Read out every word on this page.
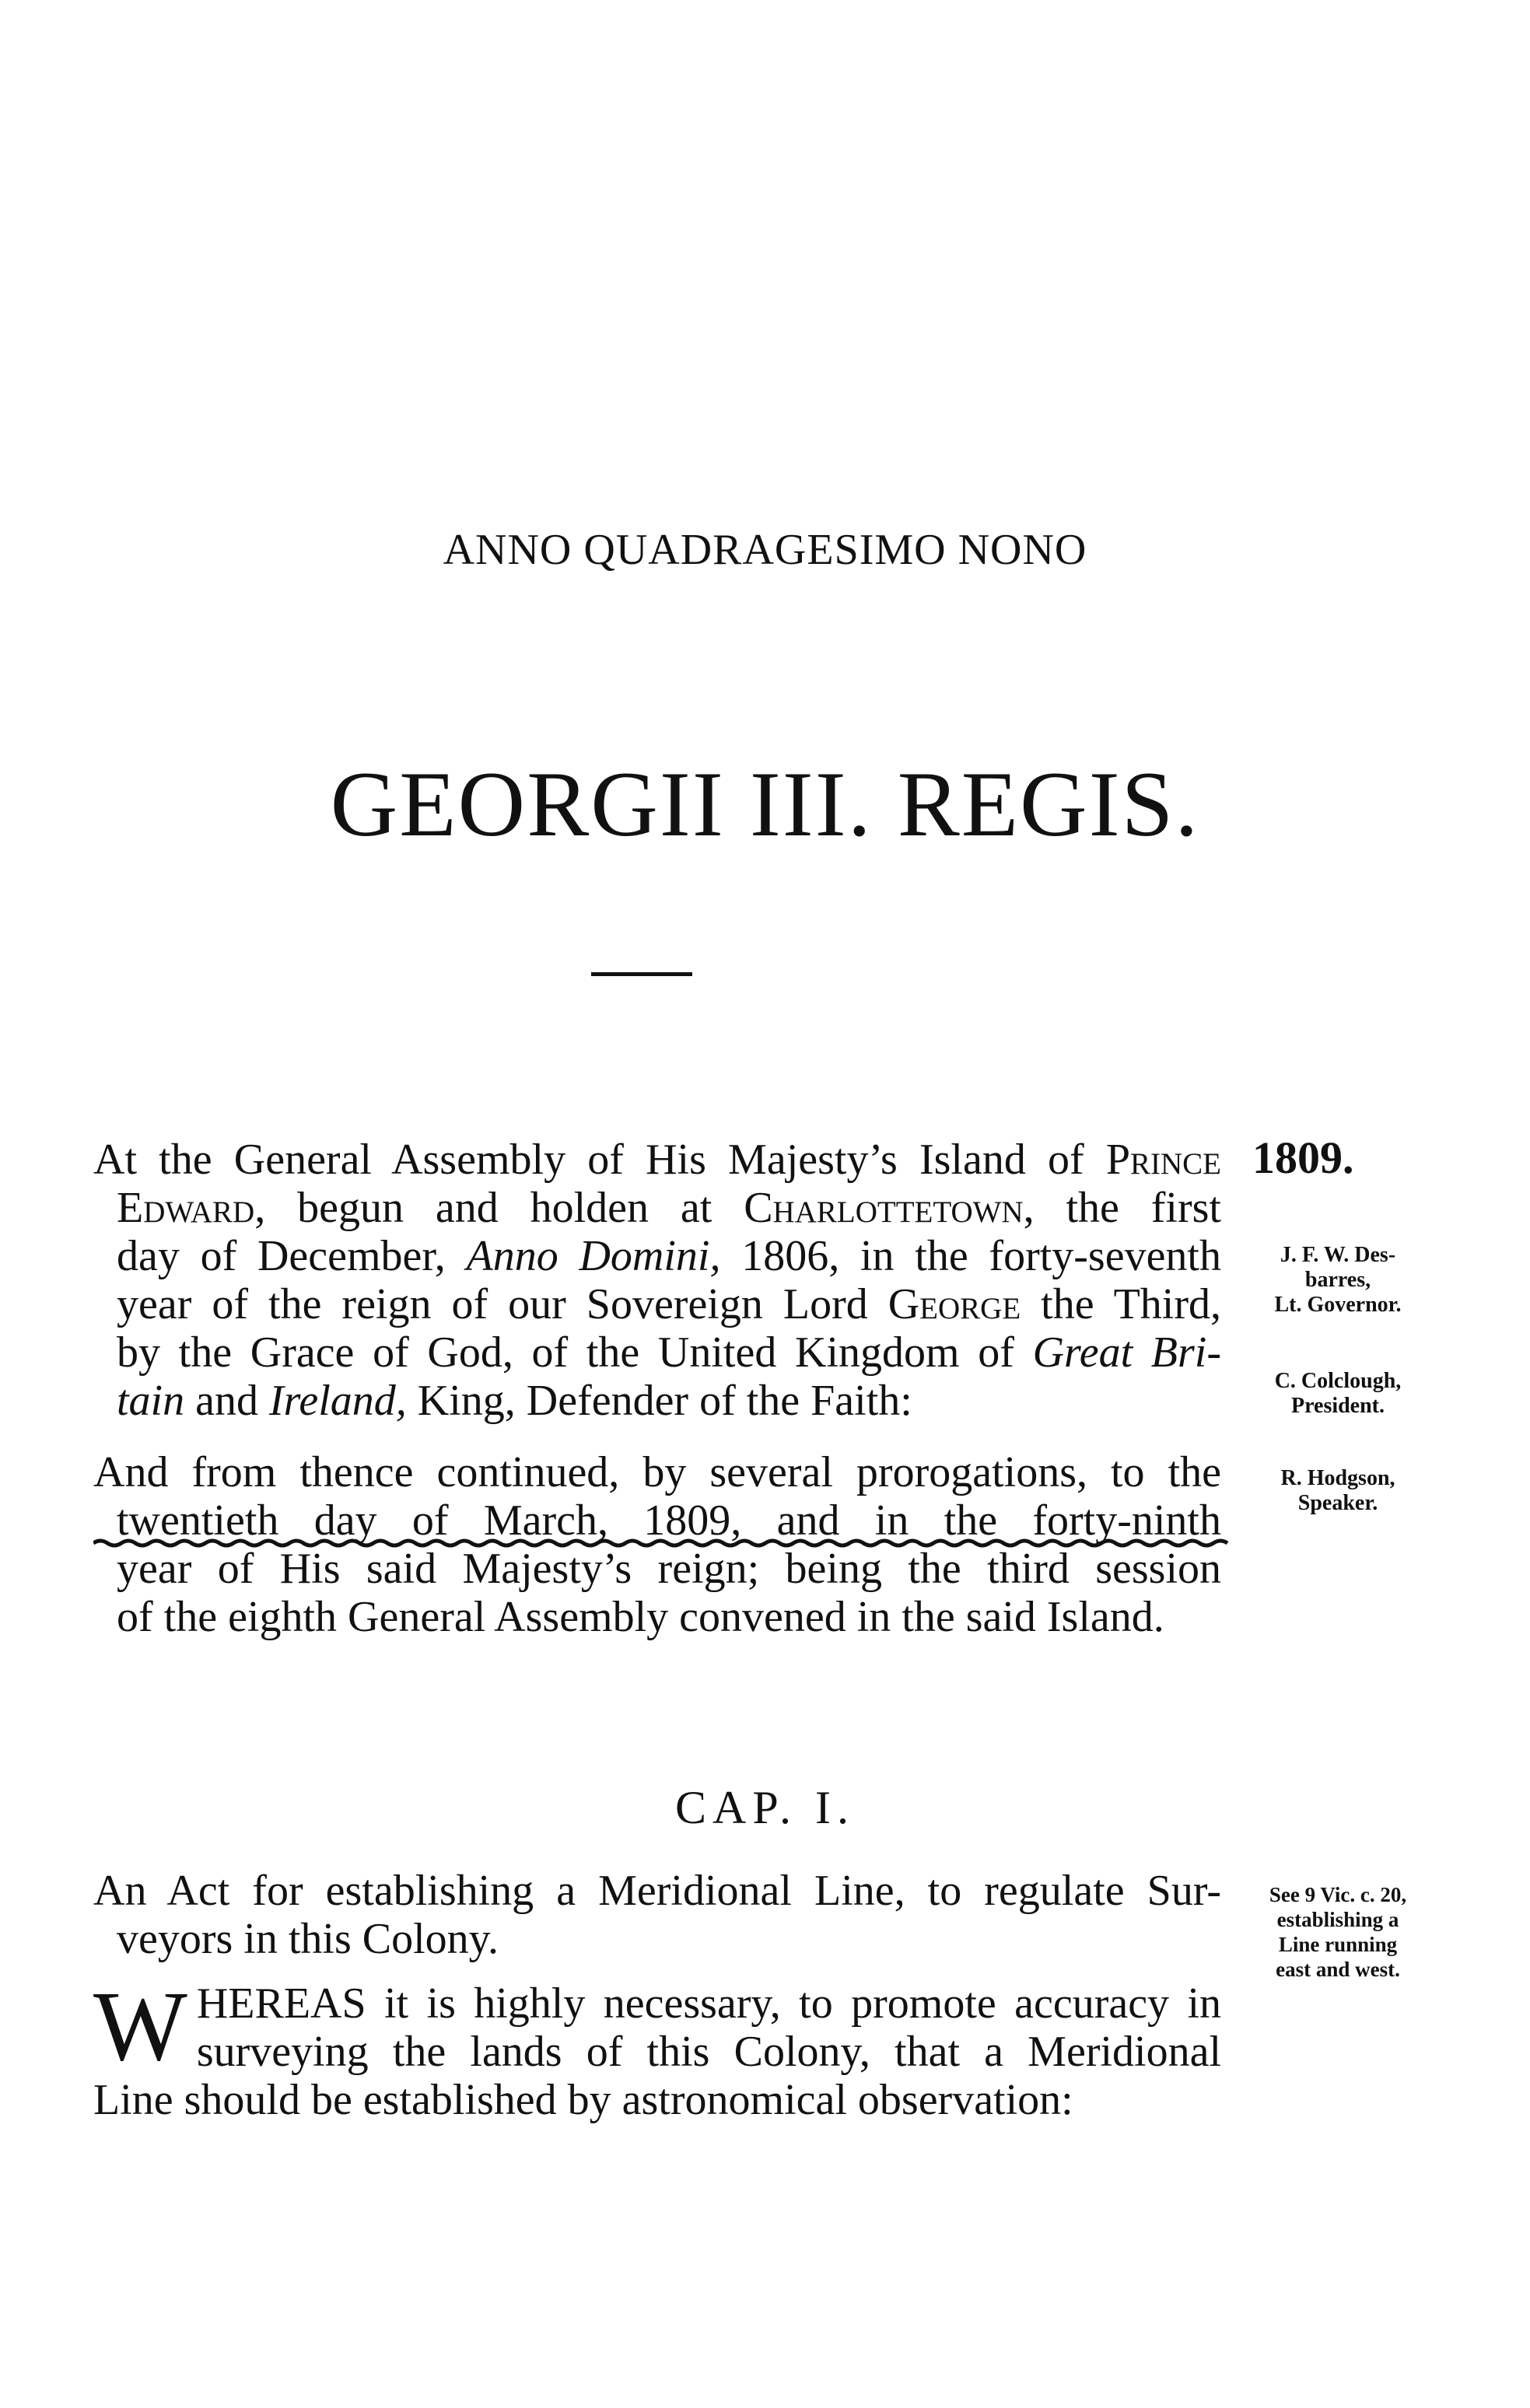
ANNO QUADRAGESIMO NONO
GEORGII III. REGIS.
At the General Assembly of His Majesty’s Island of Prince
Edward, begun and holden at Charlottetown, the first
day of December, Anno Domini, 1806, in the forty-seventh
year of the reign of our Sovereign Lord George the Third,
by the Grace of God, of the United Kingdom of Great Bri-
tain and Ireland, King, Defender of the Faith:
And from thence continued, by several prorogations, to the
twentieth day of March, 1809, and in the forty-ninth
year of His said Majesty’s reign; being the third session
of the eighth General Assembly convened in the said Island.
1809.
J. F. W. Des-
barres,
Lt. Governor.
C. Colclough,
President.
R. Hodgson,
Speaker.
CAP. I.
An Act for establishing a Meridional Line, to regulate Sur-
veyors in this Colony.
See 9 Vic. c. 20,
establishing a
Line running
east and west.
W HEREAS it is highly necessary, to promote accuracy in
surveying the lands of this Colony, that a Meridional
Line should be established by astronomical observation:
